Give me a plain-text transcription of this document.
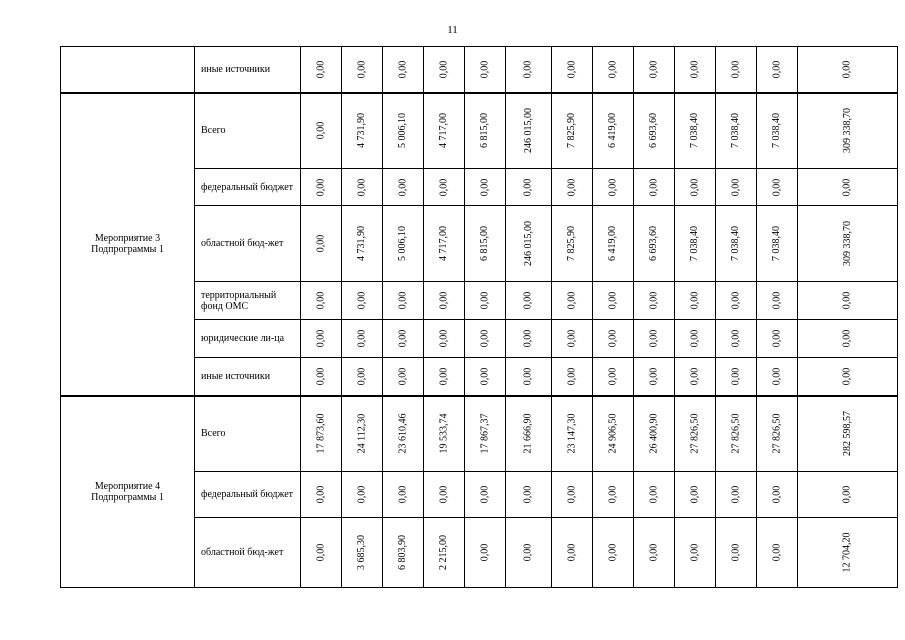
11
	иные источники	0,00	0,00	0,00	0,00	0,00	0,00	0,00	0,00	0,00	0,00	0,00	0,00	0,00

Мероприятие 3
Подпрограммы 1	Всего	0,00	4 731,90	5 006,10	4 717,00	6 815,00	246 015,00	7 825,90	6 419,00	6 693,60	7 038,40	7 038,40	7 038,40	309 338,70
	федеральный бюджет	0,00	0,00	0,00	0,00	0,00	0,00	0,00	0,00	0,00	0,00	0,00	0,00	0,00
	областной бюд-жет	0,00	4 731,90	5 006,10	4 717,00	6 815,00	246 015,00	7 825,90	6 419,00	6 693,60	7 038,40	7 038,40	7 038,40	309 338,70
	территориальный фонд ОМС	0,00	0,00	0,00	0,00	0,00	0,00	0,00	0,00	0,00	0,00	0,00	0,00	0,00
	юридические ли-ца	0,00	0,00	0,00	0,00	0,00	0,00	0,00	0,00	0,00	0,00	0,00	0,00	0,00
	иные источники	0,00	0,00	0,00	0,00	0,00	0,00	0,00	0,00	0,00	0,00	0,00	0,00	0,00

Мероприятие 4
Подпрограммы 1	Всего	17 873,60	24 112,30	23 610,46	19 533,74	17 867,37	21 666,90	23 147,30	24 906,50	26 400,90	27 826,50	27 826,50	27 826,50	282 598,57
	федеральный бюджет	0,00	0,00	0,00	0,00	0,00	0,00	0,00	0,00	0,00	0,00	0,00	0,00	0,00
	областной бюд-жет	0,00	3 685,30	6 803,90	2 215,00	0,00	0,00	0,00	0,00	0,00	0,00	0,00	0,00	12 704,20
